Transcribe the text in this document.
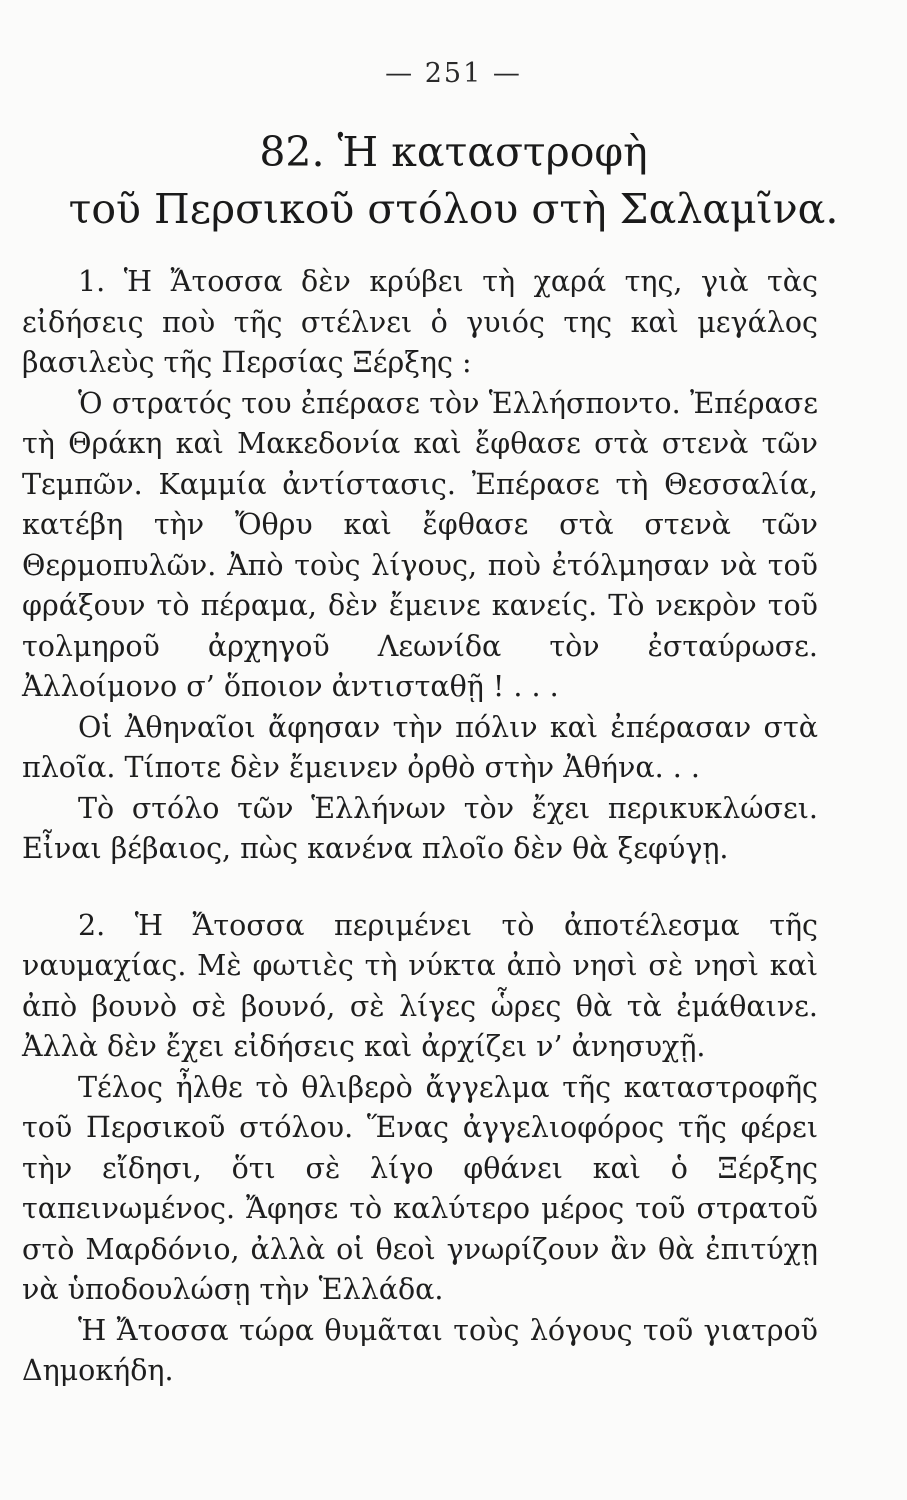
— 251 —
82. Ἡ καταστροφὴ
τοῦ Περσικοῦ στόλου στὴ Σαλαμῖνα.

1. Ἡ Ἄτοσσα δὲν κρύβει τὴ χαρά της, γιὰ τὰς εἰδήσεις ποὺ τῆς στέλνει ὁ γυιός της καὶ μεγάλος βασιλεὺς τῆς Περσίας Ξέρξης :

Ὁ στρατός του ἐπέρασε τὸν Ἑλλήσποντο. Ἐπέρασε τὴ Θράκη καὶ Μακεδονία καὶ ἔφθασε στὰ στενὰ τῶν Τεμπῶν. Καμμία ἀντίστασις. Ἐπέρασε τὴ Θεσσαλία, κατέβη τὴν Ὄθρυ καὶ ἔφθασε στὰ στενὰ τῶν Θερμοπυλῶν. Ἀπὸ τοὺς λίγους, ποὺ ἐτόλμησαν νὰ τοῦ φράξουν τὸ πέραμα, δὲν ἔμεινε κανείς. Τὸ νεκρὸν τοῦ τολμηροῦ ἀρχηγοῦ Λεωνίδα τὸν ἐσταύρωσε. Ἀλλοίμονο σ’ ὅποιον ἀντισταθῇ ! . . .

Οἱ Ἀθηναῖοι ἄφησαν τὴν πόλιν καὶ ἐπέρασαν στὰ πλοῖα. Τίποτε δὲν ἔμεινεν ὀρθὸ στὴν Ἀθήνα. . .

Τὸ στόλο τῶν Ἑλλήνων τὸν ἔχει περικυκλώσει. Εἶναι βέβαιος, πὼς κανένα πλοῖο δὲν θὰ ξεφύγῃ.

2. Ἡ Ἄτοσσα περιμένει τὸ ἀποτέλεσμα τῆς ναυμαχίας. Μὲ φωτιὲς τὴ νύκτα ἀπὸ νησὶ σὲ νησὶ καὶ ἀπὸ βουνὸ σὲ βουνό, σὲ λίγες ὧρες θὰ τὰ ἐμάθαινε. Ἀλλὰ δὲν ἔχει εἰδήσεις καὶ ἀρχίζει ν’ ἀνησυχῇ.

Τέλος ἦλθε τὸ θλιβερὸ ἄγγελμα τῆς καταστροφῆς τοῦ Περσικοῦ στόλου. Ἕνας ἀγγελιοφόρος τῆς φέρει τὴν εἴδησι, ὅτι σὲ λίγο φθάνει καὶ ὁ Ξέρξης ταπεινωμένος. Ἄφησε τὸ καλύτερο μέρος τοῦ στρατοῦ στὸ Μαρδόνιο, ἀλλὰ οἱ θεοὶ γνωρίζουν ἂν θὰ ἐπιτύχῃ νὰ ὑποδουλώσῃ τὴν Ἑλλάδα.

Ἡ Ἄτοσσα τώρα θυμᾶται τοὺς λόγους τοῦ γιατροῦ Δημοκήδη.
